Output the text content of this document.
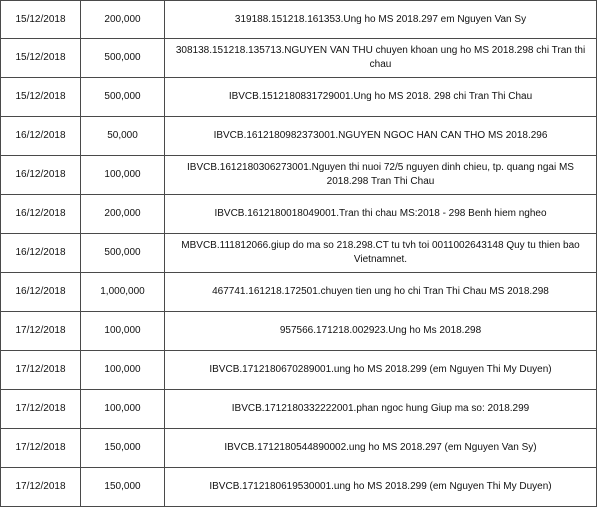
15/12/2018	200,000	319188.151218.161353.Ung ho MS 2018.297 em Nguyen Van Sy
15/12/2018	500,000	308138.151218.135713.NGUYEN VAN THU chuyen khoan ung ho MS 2018.298 chi Tran thi chau
15/12/2018	500,000	IBVCB.1512180831729001.Ung ho MS 2018. 298 chi Tran Thi Chau
16/12/2018	50,000	IBVCB.1612180982373001.NGUYEN NGOC HAN CAN THO MS 2018.296
16/12/2018	100,000	IBVCB.1612180306273001.Nguyen thi nuoi 72/5 nguyen dinh chieu, tp. quang ngai MS 2018.298 Tran Thi Chau
16/12/2018	200,000	IBVCB.1612180018049001.Tran thi chau MS:2018 - 298 Benh hiem ngheo
16/12/2018	500,000	MBVCB.111812066.giup do ma so 218.298.CT tu tvh toi 0011002643148 Quy tu thien bao Vietnamnet.
16/12/2018	1,000,000	467741.161218.172501.chuyen tien ung ho chi Tran Thi Chau MS 2018.298
17/12/2018	100,000	957566.171218.002923.Ung ho Ms 2018.298
17/12/2018	100,000	IBVCB.1712180670289001.ung ho MS 2018.299 (em Nguyen Thi My Duyen)
17/12/2018	100,000	IBVCB.1712180332222001.phan ngoc hung Giup ma so: 2018.299
17/12/2018	150,000	IBVCB.1712180544890002.ung ho MS 2018.297 (em Nguyen Van Sy)
17/12/2018	150,000	IBVCB.1712180619530001.ung ho MS 2018.299 (em Nguyen Thi My Duyen)
